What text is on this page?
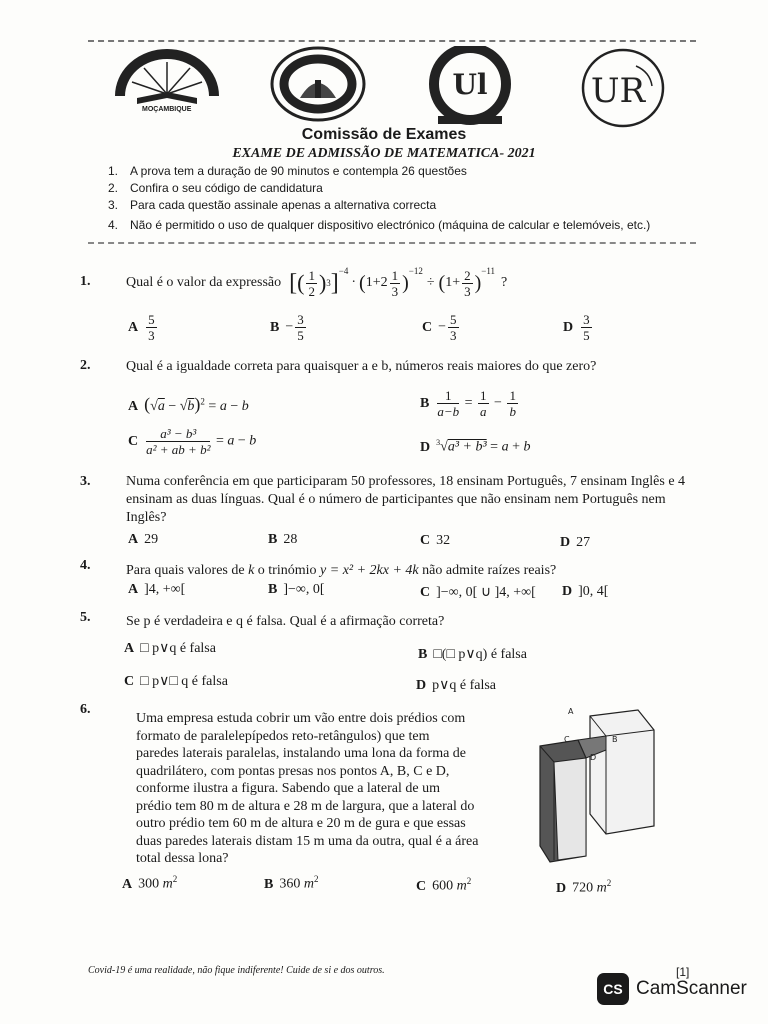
MOÇAMBIQUE
Ul	UR
Comissão de Exames
EXAME DE ADMISSÃO DE MATEMATICA- 2021
1. A prova tem a duração de 90 minutos e contempla 26 questões
2. Confira o seu código de candidatura
3. Para cada questão assinale apenas a alternativa correcta
4. Não é permitido o uso de qualquer dispositivo electrónico (máquina de calcular e telemóveis, etc.)
1.	Qual é o valor da expressão [ ( $\frac{1}{2}$ ) 3 ]$^{-4}$
· ( $1+2 \frac{1}{3}$ )
$^{-12}$
÷ ( $1+ \frac{2}{3}$ )
$^{-11}$
?
A $\frac{5}{3}$	$B - \frac{3}{5}$	$C - \frac{5}{3}$	D $\frac{3}{5}$
2.	Qual é a igualdade correta para quaisquer a e b, números reais maiores do que zero?
A $(√a - √b)^2 = a - b$	B $\frac{1}{a-b} = \frac{1}{a} - \frac{1}{b}$
C $\frac{\text{a³ − b³}}{\text{a² + ab + b²}} = a - b$	D $^3$√a³ + b³ = a + b
3.	Numa conferência em que participaram 50 professores, 18 ensinam Português, 7 ensinam Inglês e 4 ensinam as duas línguas. Qual é o número de participantes que não ensinam nem Português nem Inglês?
A 29	B 28	C 32	D 27
4.	Para quais valores de k o trinómio y = x² + 2kx + 4k não admite raízes reais?
A ]4, +∞[	B ]−∞, 0[	C ]−∞, 0[ ∪ ]4, +∞[ D ]0, 4[
5.	Se p é verdadeira e q é falsa. Qual é a afirmação correta?
A □ p∨q é falsa	B □(□ p∨q) é falsa
C □ p∨□ q é falsa	D p∨q é falsa
6.
Uma empresa estuda cobrir um vão entre dois prédios com
formato de paralelepípedos reto-retângulos) que tem
paredes laterais paralelas, instalando uma lona da forma de
quadrilátero, com pontas presas nos pontos A, B, C e D,
conforme ilustra a figura. Sabendo que a lateral de um
prédio tem 80 m de altura e 28 m de largura, que a lateral do
outro prédio tem 60 m de altura e 20 m de gura e que essas
duas paredes laterais distam 15 m uma da outra, qual é a área
total dessa lona?
A
B
C
D
A 300 $m^2$	B 360 $m^2$	C 600 $m^2$	D 720 $m^2$
Covid-19 é uma realidade, não fique indiferente! Cuide de si e dos outros.	[1]
CS CamScanner
